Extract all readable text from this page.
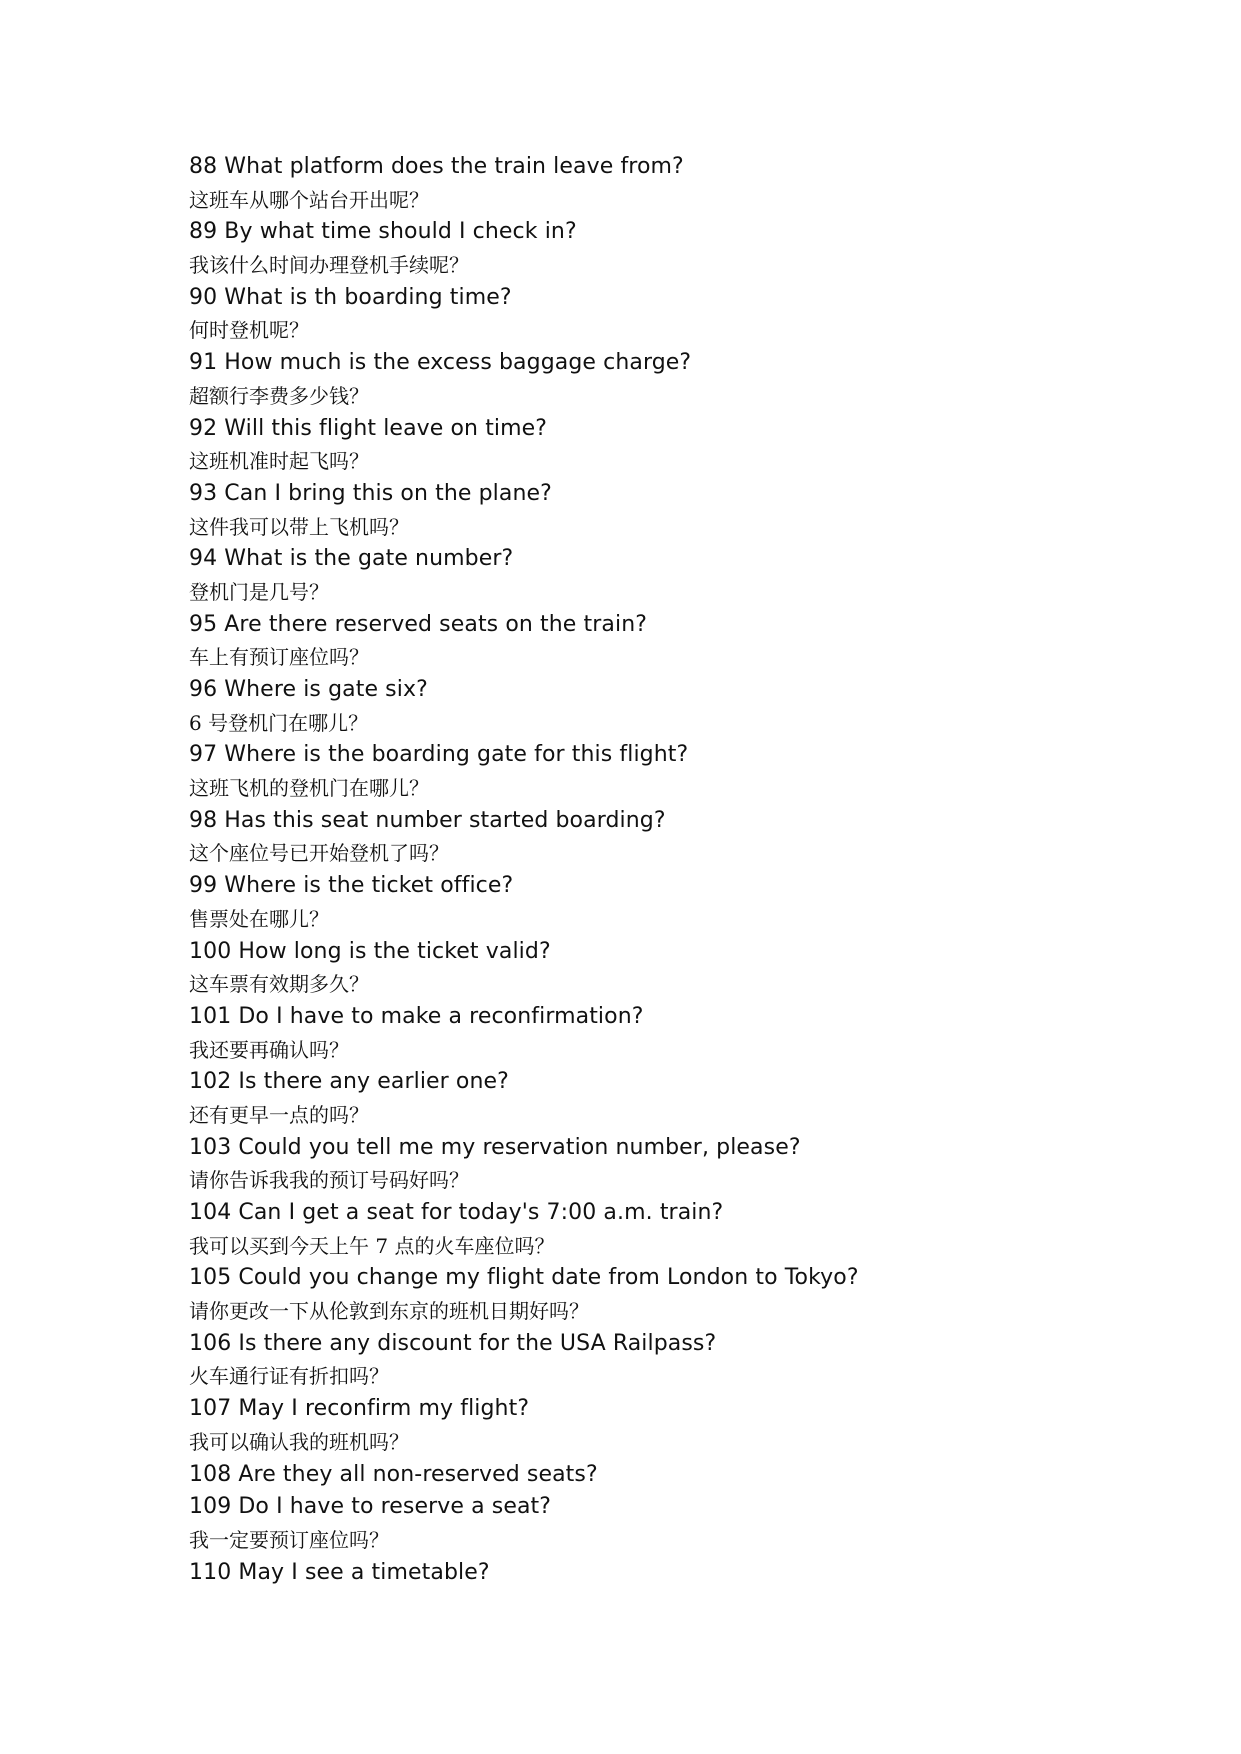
88 What platform does the train leave from?
这班车从哪个站台开出呢？
89 By what time should I check in?
我该什么时间办理登机手续呢？
90 What is th boarding time?
何时登机呢？
91 How much is the excess baggage charge?
超额行李费多少钱？
92 Will this flight leave on time?
这班机准时起飞吗？
93 Can I bring this on the plane?
这件我可以带上飞机吗？
94 What is the gate number?
登机门是几号？
95 Are there reserved seats on the train?
车上有预订座位吗？
96 Where is gate six?
6 号登机门在哪儿？
97 Where is the boarding gate for this flight?
这班飞机的登机门在哪儿？
98 Has this seat number started boarding?
这个座位号已开始登机了吗？
99 Where is the ticket office?
售票处在哪儿？
100 How long is the ticket valid?
这车票有效期多久？
101 Do I have to make a reconfirmation?
我还要再确认吗？
102 Is there any earlier one?
还有更早一点的吗？
103 Could you tell me my reservation number, please?
请你告诉我我的预订号码好吗？
104 Can I get a seat for today's 7:00 a.m. train?
我可以买到今天上午 7 点的火车座位吗？
105 Could you change my flight date from London to Tokyo?
请你更改一下从伦敦到东京的班机日期好吗？
106 Is there any discount for the USA Railpass?
火车通行证有折扣吗？
107 May I reconfirm my flight?
我可以确认我的班机吗？
108 Are they all non-reserved seats?
109 Do I have to reserve a seat?
我一定要预订座位吗？
110 May I see a timetable?
